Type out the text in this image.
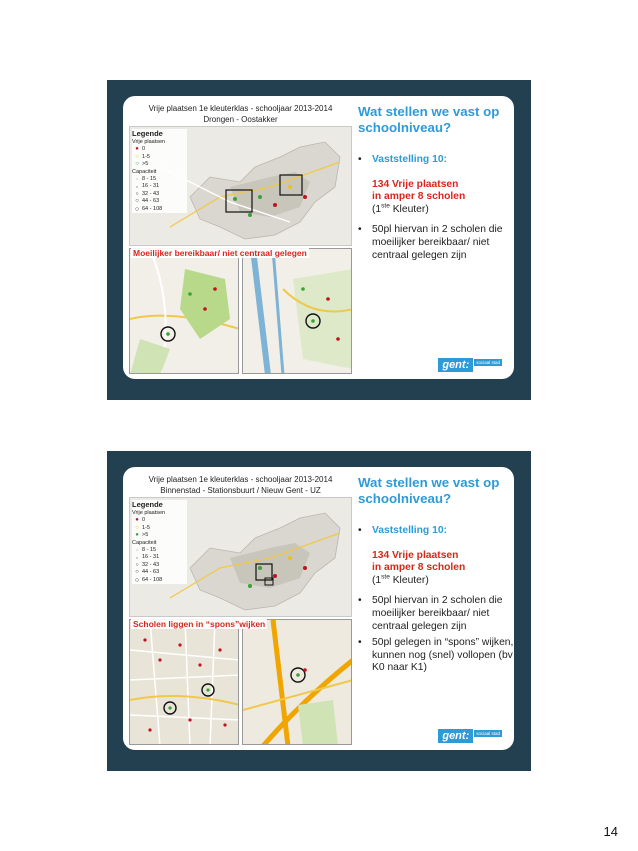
Vrije plaatsen 1e kleuterklas - schooljaar 2013-2014
Drongen - Oostakker
Legende
Vrije plaatsen
● 0
○ 1-5
○ >5
Capaciteit
○ 8 - 15
○ 16 - 31
○ 32 - 43
○ 44 - 63
○ 64 - 108
Moeilijker bereikbaar/ niet centraal gelegen

Wat stellen we vast op schoolniveau?

• Vaststelling 10:
134 Vrije plaatsen
in amper 8 scholen
(1ste Kleuter)
• 50pl hiervan in 2 scholen die moeilijker bereikbaar/ niet centraal gelegen zijn
gent: sociaal stad
Vrije plaatsen 1e kleuterklas - schooljaar 2013-2014
Binnenstad - Stationsbuurt / Nieuw Gent - UZ
Legende
Vrije plaatsen
● 0
○ 1-5
● >5
Capaciteit
○ 8 - 15
○ 16 - 31
○ 32 - 43
○ 44 - 63
○ 64 - 108
Scholen liggen in “spons”wijken

Wat stellen we vast op schoolniveau?

• Vaststelling 10:
134 Vrije plaatsen
in amper 8 scholen
(1ste Kleuter)
• 50pl hiervan in 2 scholen die moeilijker bereikbaar/ niet centraal gelegen zijn
• 50pl gelegen in “spons” wijken, kunnen nog (snel) vollopen (bv K0 naar K1)
gent: sociaal stad
14
